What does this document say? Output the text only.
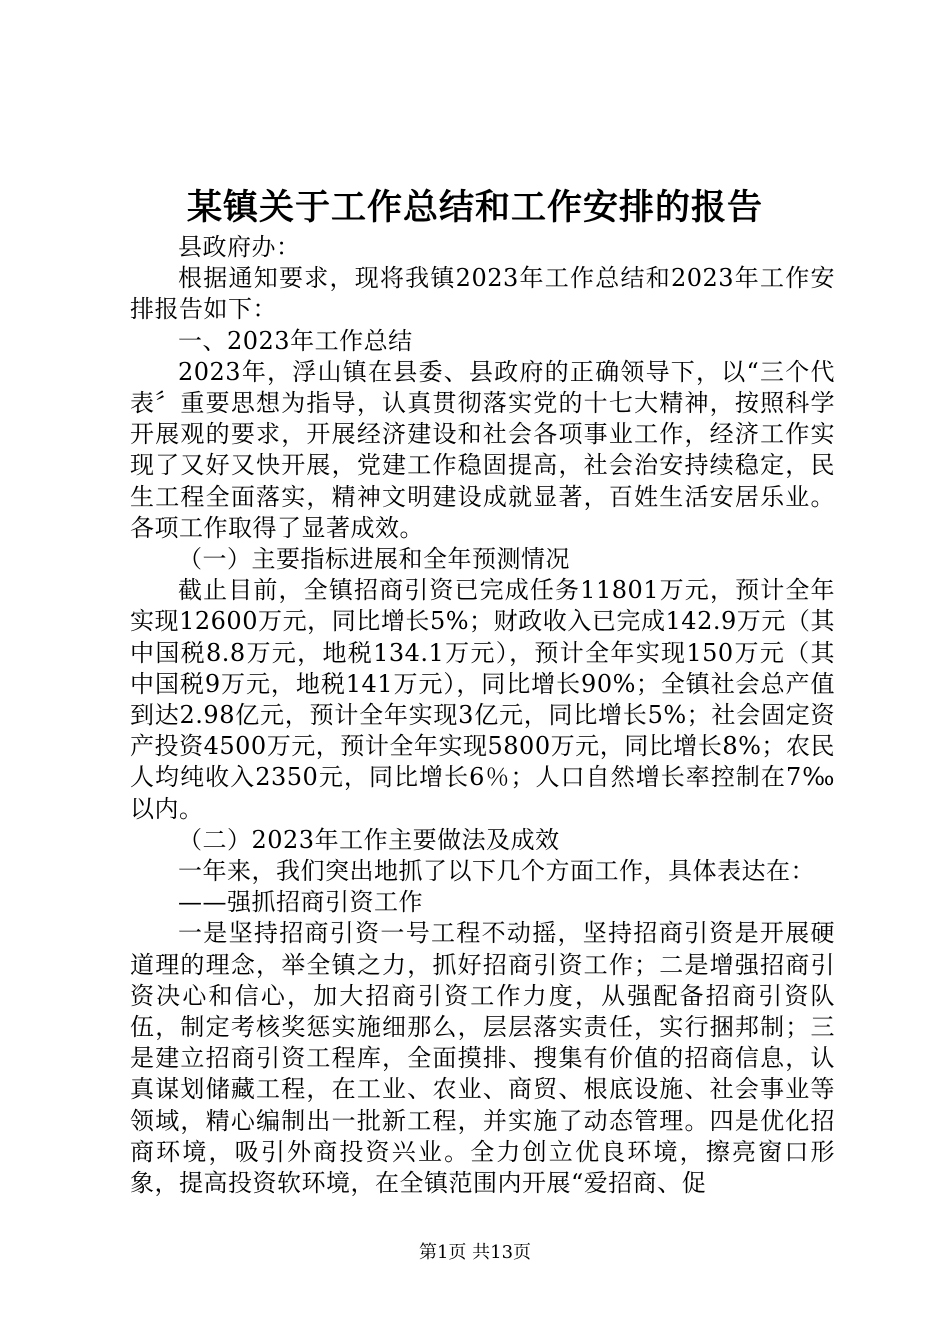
某镇关于工作总结和工作安排的报告

县政府办：

根据通知要求，现将我镇2023年工作总结和2023年工作安排报告如下：

一、2023年工作总结

2023年，浮山镇在县委、县政府的正确领导下，以“三个代表〞重要思想为指导，认真贯彻落实党的十七大精神，按照科学开展观的要求，开展经济建设和社会各项事业工作，经济工作实现了又好又快开展，党建工作稳固提高，社会治安持续稳定，民生工程全面落实，精神文明建设成就显著，百姓生活安居乐业。各项工作取得了显著成效。

（一）主要指标进展和全年预测情况

截止目前，全镇招商引资已完成任务11801万元，预计全年实现12600万元，同比增长5%；财政收入已完成142.9万元（其中国税8.8万元，地税134.1万元），预计全年实现150万元（其中国税9万元，地税141万元），同比增长90%；全镇社会总产值到达2.98亿元，预计全年实现3亿元，同比增长5%；社会固定资产投资4500万元，预计全年实现5800万元，同比增长8%；农民人均纯收入2350元，同比增长6％；人口自然增长率控制在7‰以内。

（二）2023年工作主要做法及成效

一年来，我们突出地抓了以下几个方面工作，具体表达在：

——强抓招商引资工作

一是坚持招商引资一号工程不动摇，坚持招商引资是开展硬道理的理念，举全镇之力，抓好招商引资工作；二是增强招商引资决心和信心，加大招商引资工作力度，从强配备招商引资队伍，制定考核奖惩实施细那么，层层落实责任，实行捆邦制；三是建立招商引资工程库，全面摸排、搜集有价值的招商信息，认真谋划储藏工程，在工业、农业、商贸、根底设施、社会事业等领域，精心编制出一批新工程，并实施了动态管理。四是优化招商环境，吸引外商投资兴业。全力创立优良环境，擦亮窗口形象，提高投资软环境，在全镇范围内开展“爱招商、促

第1页 共13页
